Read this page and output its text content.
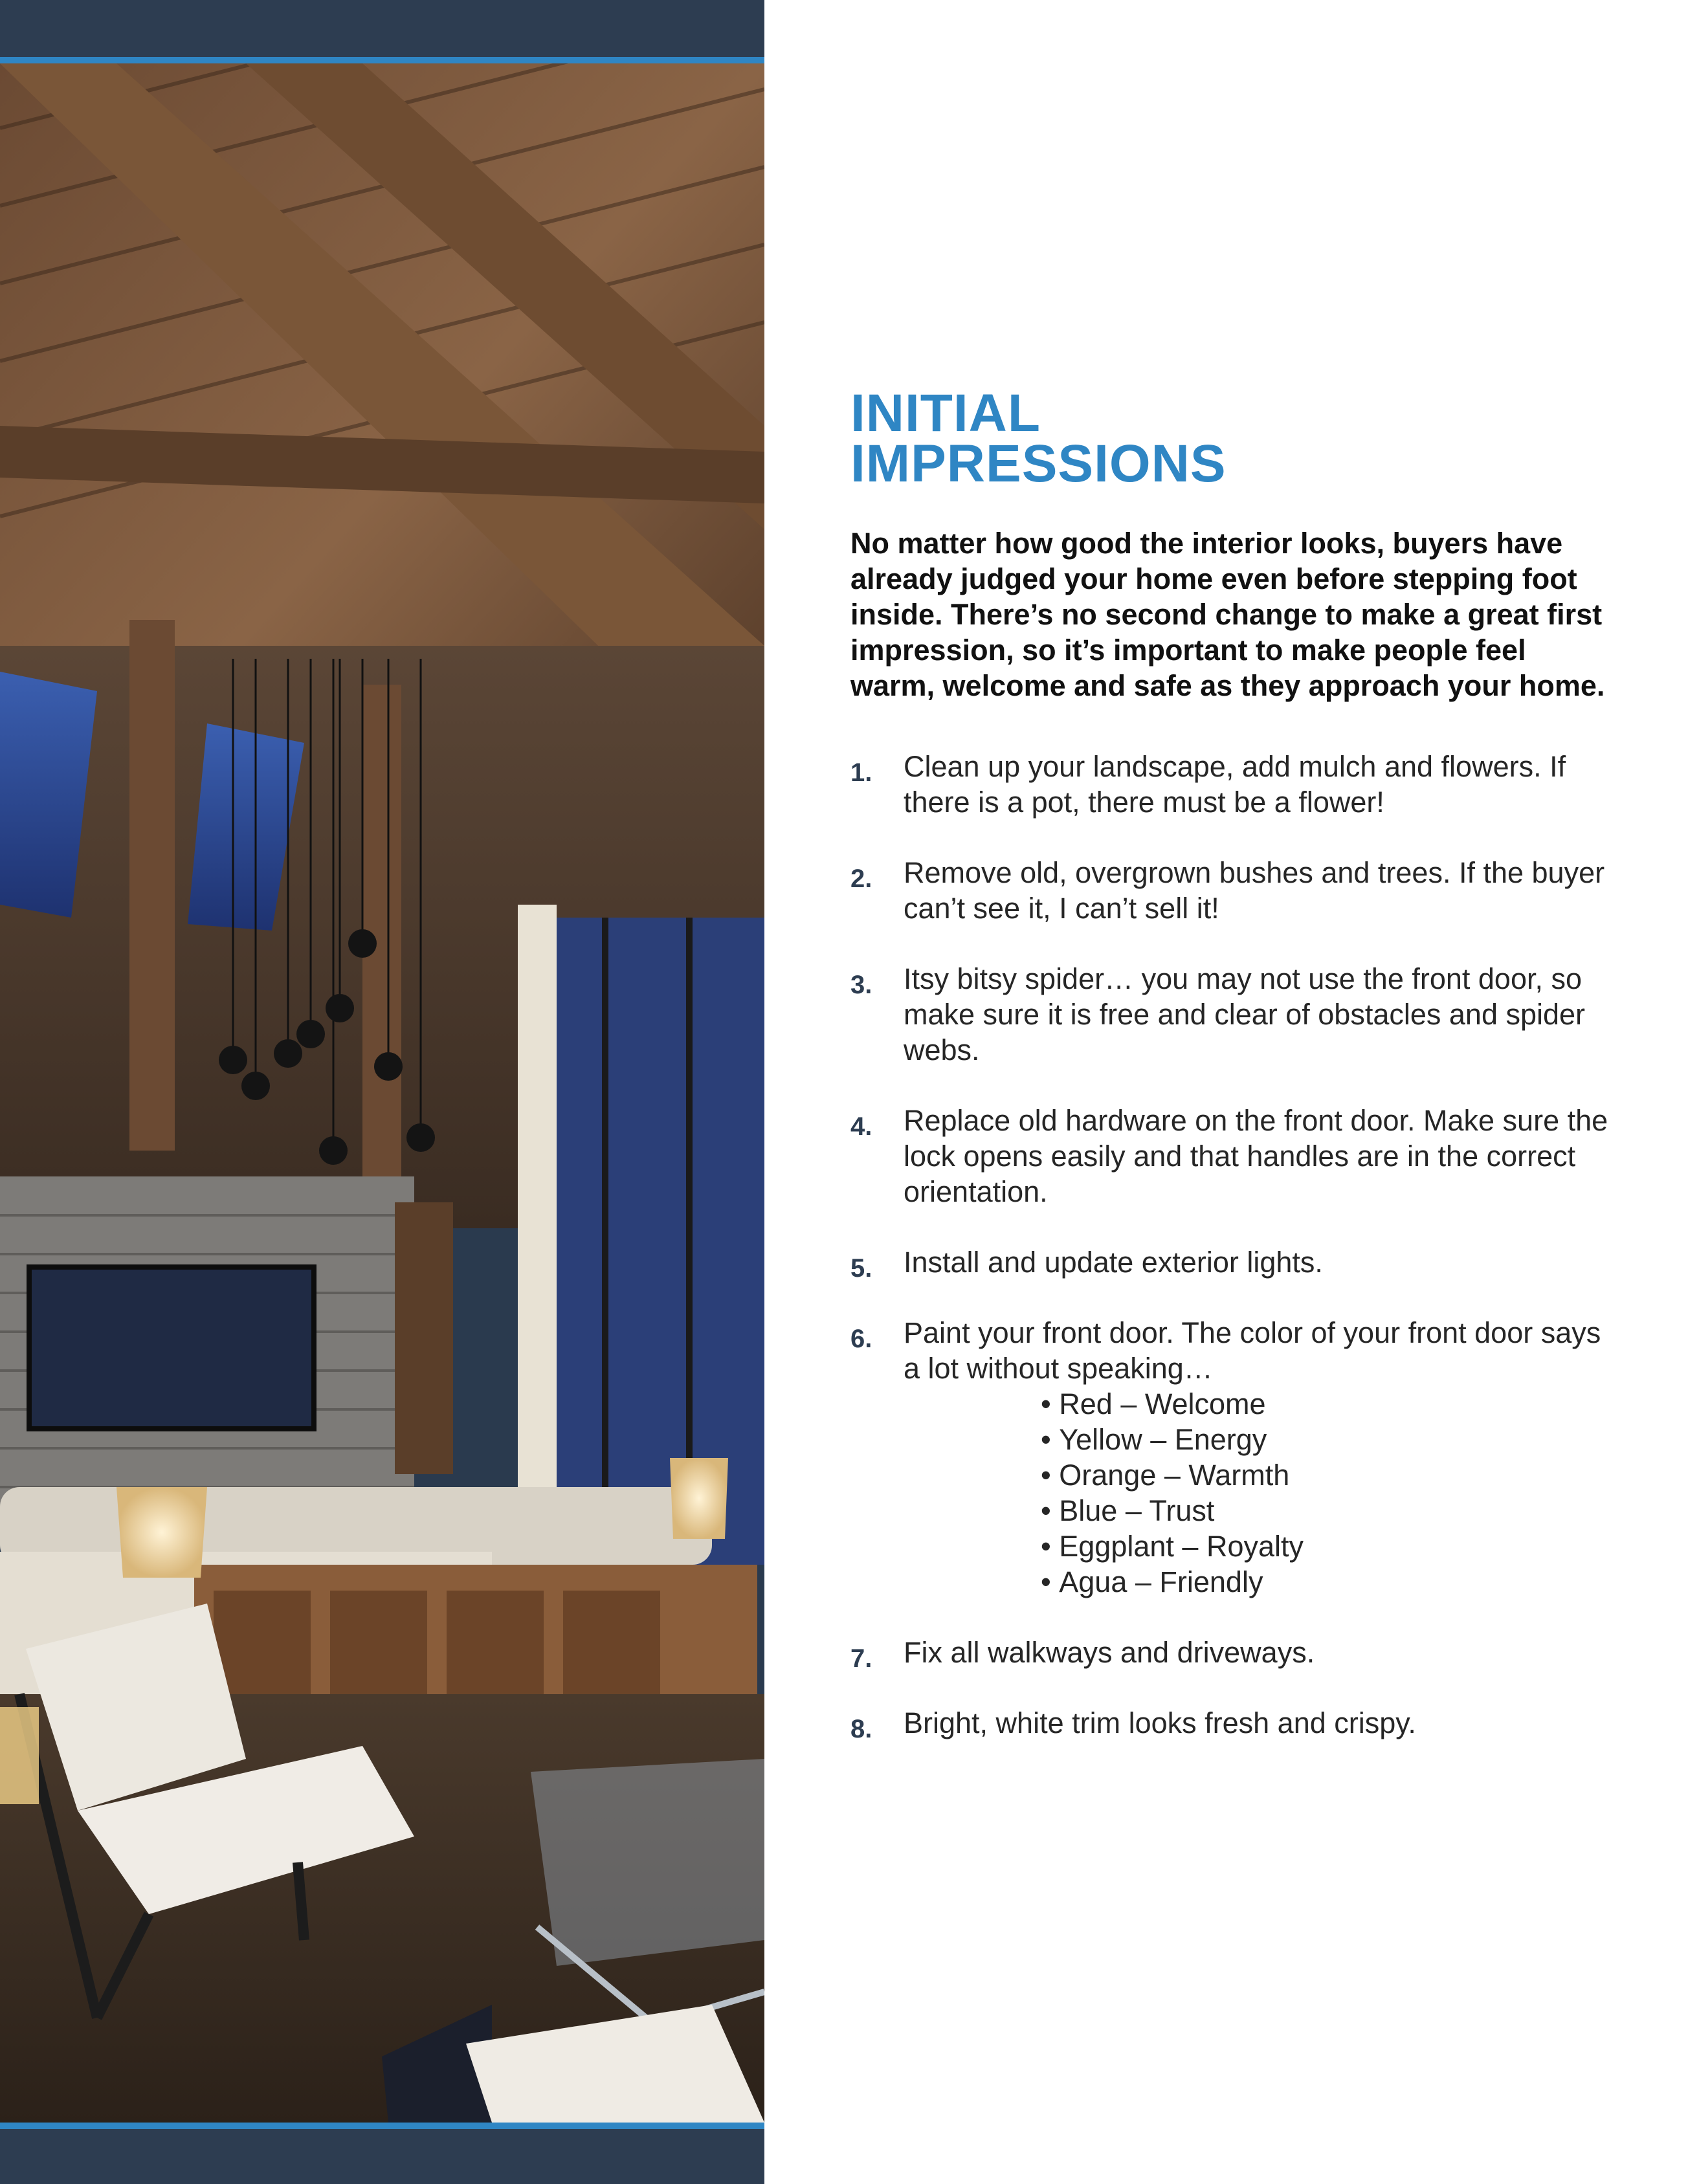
INITIAL
IMPRESSIONS

No matter how good the interior looks, buyers have already judged your home even before stepping foot inside. There’s no second change to make a great first impression, so it’s important to make people feel warm, welcome and safe as they approach your home.

1. Clean up your landscape, add mulch and flowers. If there is a pot, there must be a flower!
2. Remove old, overgrown bushes and trees. If the buyer can’t see it, I can’t sell it!
3. Itsy bitsy spider… you may not use the front door, so make sure it is free and clear of obstacles and spider webs.
4. Replace old hardware on the front door. Make sure the lock opens easily and that handles are in the correct orientation.
5. Install and update exterior lights.
6. Paint your front door. The color of your front door says a lot without speaking…
• Red – Welcome
• Yellow – Energy
• Orange – Warmth
• Blue – Trust
• Eggplant – Royalty
• Agua – Friendly
7. Fix all walkways and driveways.
8. Bright, white trim looks fresh and crispy.
